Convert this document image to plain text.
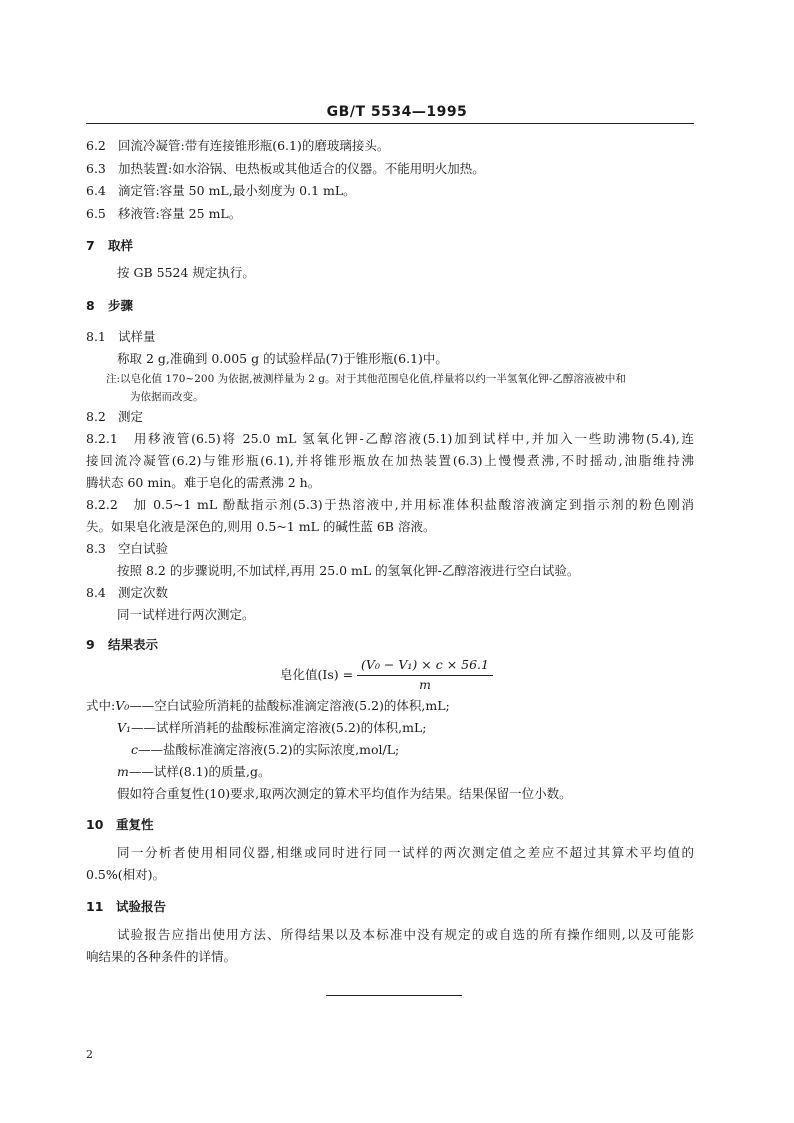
GB/T 5534—1995
6.2 回流冷凝管:带有连接锥形瓶(6.1)的磨玻璃接头。
6.3 加热装置:如水浴锅、电热板或其他适合的仪器。不能用明火加热。
6.4 滴定管:容量 50 mL,最小刻度为 0.1 mL。
6.5 移液管:容量 25 mL。
7 取样
按 GB 5524 规定执行。
8 步骤
8.1 试样量
称取 2 g,准确到 0.005 g 的试验样品(7)于锥形瓶(6.1)中。
注:以皂化值 170~200 为依据,被测样量为 2 g。对于其他范围皂化值,样量将以约一半氢氧化钾-乙醇溶液被中和
为依据而改变。
8.2 测定
8.2.1 用移液管(6.5)将 25.0 mL 氢氧化钾-乙醇溶液(5.1)加到试样中,并加入一些助沸物(5.4),连
接回流冷凝管(6.2)与锥形瓶(6.1),并将锥形瓶放在加热装置(6.3)上慢慢煮沸,不时摇动,油脂维持沸
腾状态 60 min。难于皂化的需煮沸 2 h。
8.2.2 加 0.5~1 mL 酚酞指示剂(5.3)于热溶液中,并用标准体积盐酸溶液滴定到指示剂的粉色刚消
失。如果皂化液是深色的,则用 0.5~1 mL 的碱性蓝 6B 溶液。
8.3 空白试验
按照 8.2 的步骤说明,不加试样,再用 25.0 mL 的氢氧化钾-乙醇溶液进行空白试验。
8.4 测定次数
同一试样进行两次测定。
9 结果表示
皂化值$(Is) = \frac{\text{(V₀ − V₁) × c × 56.1}}{m}$
式中:V₀——空白试验所消耗的盐酸标准滴定溶液(5.2)的体积,mL;
V₁——试样所消耗的盐酸标准滴定溶液(5.2)的体积,mL;
c——盐酸标准滴定溶液(5.2)的实际浓度,mol/L;
m——试样(8.1)的质量,g。
假如符合重复性(10)要求,取两次测定的算术平均值作为结果。结果保留一位小数。
10 重复性
同一分析者使用相同仪器,相继或同时进行同一试样的两次测定值之差应不超过其算术平均值的
0.5%(相对)。
11 试验报告
试验报告应指出使用方法、所得结果以及本标准中没有规定的或自选的所有操作细则,以及可能影
响结果的各种条件的详情。
2
